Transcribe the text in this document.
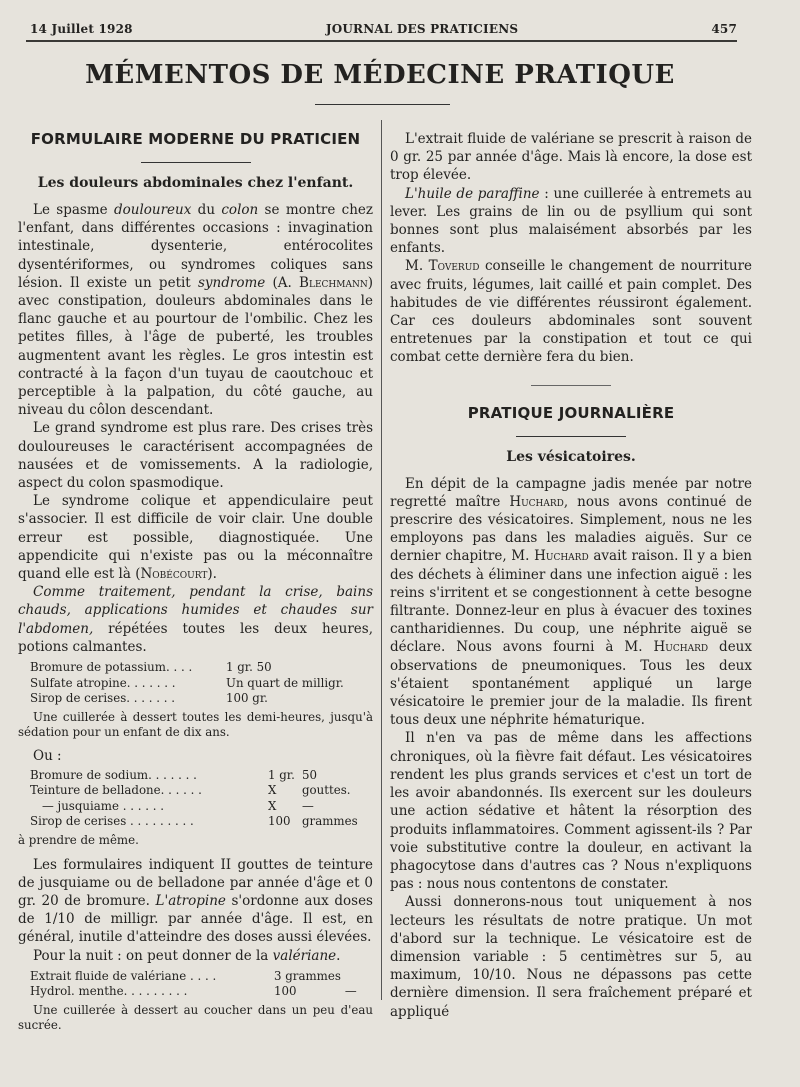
14 Juillet 1928	JOURNAL DES PRATICIENS	457
MÉMENTOS DE MÉDECINE PRATIQUE
FORMULAIRE MODERNE DU PRATICIEN
Les douleurs abdominales chez l'enfant.

Le spasme douloureux du colon se montre chez l'enfant, dans différentes occasions : invagination intestinale, dysenterie, entérocolites dysentériformes, ou syndromes coliques sans lésion. Il existe un petit syndrome (A. Blechmann) avec constipation, douleurs abdominales dans le flanc gauche et au pourtour de l'ombilic. Chez les petites filles, à l'âge de puberté, les troubles augmentent avant les règles. Le gros intestin est contracté à la façon d'un tuyau de caoutchouc et perceptible à la palpation, du côté gauche, au niveau du côlon descendant.

Le grand syndrome est plus rare. Des crises très douloureuses le caractérisent accompagnées de nausées et de vomissements. A la radiologie, aspect du colon spasmodique.

Le syndrome colique et appendiculaire peut s'associer. Il est difficile de voir clair. Une double erreur est possible, diagnostiquée. Une appendicite qui n'existe pas ou la méconnaître quand elle est là (Nobécourt).

Comme traitement, pendant la crise, bains chauds, applications humides et chaudes sur l'abdomen, répétées toutes les deux heures, potions calmantes.

Bromure de potassium. . . .	1 gr. 50
Sulfate atropine. . . . . . .	Un quart de milligr.
Sirop de cerises. . . . . . .	100 gr.

Une cuillerée à dessert toutes les demi-heures, jusqu'à sédation pour un enfant de dix ans.

Ou :

Bromure de sodium. . . . . . .	1 gr.	50
Teinture de belladone. . . . . .	X	gouttes.
— jusquiame . . . . . .	X	—
Sirop de cerises . . . . . . . . .	100	grammes

à prendre de même.

Les formulaires indiquent II gouttes de teinture de jusquiame ou de belladone par année d'âge et 0 gr. 20 de bromure. L'atropine s'ordonne aux doses de 1/10 de milligr. par année d'âge. Il est, en général, inutile d'atteindre des doses aussi élevées.

Pour la nuit : on peut donner de la valériane.

Extrait fluide de valériane . . . .	3 grammes	
Hydrol. menthe. . . . . . . . .	100	—

Une cuillerée à dessert au coucher dans un peu d'eau sucrée.

L'extrait fluide de valériane se prescrit à raison de 0 gr. 25 par année d'âge. Mais là encore, la dose est trop élevée.

L'huile de paraffine : une cuillerée à entremets au lever. Les grains de lin ou de psyllium qui sont bonnes sont plus malaisément absorbés par les enfants.

M. Toverud conseille le changement de nourriture avec fruits, légumes, lait caillé et pain complet. Des habitudes de vie différentes réussiront également. Car ces douleurs abdominales sont souvent entretenues par la constipation et tout ce qui combat cette dernière fera du bien.

PRATIQUE JOURNALIÈRE
Les vésicatoires.

En dépit de la campagne jadis menée par notre regretté maître Huchard, nous avons continué de prescrire des vésicatoires. Simplement, nous ne les employons pas dans les maladies aiguës. Sur ce dernier chapitre, M. Huchard avait raison. Il y a bien des déchets à éliminer dans une infection aiguë : les reins s'irritent et se congestionnent à cette besogne filtrante. Donnez-leur en plus à évacuer des toxines cantharidiennes. Du coup, une néphrite aiguë se déclare. Nous avons fourni à M. Huchard deux observations de pneumoniques. Tous les deux s'étaient spontanément appliqué un large vésicatoire le premier jour de la maladie. Ils firent tous deux une néphrite hématurique.

Il n'en va pas de même dans les affections chroniques, où la fièvre fait défaut. Les vésicatoires rendent les plus grands services et c'est un tort de les avoir abandonnés. Ils exercent sur les douleurs une action sédative et hâtent la résorption des produits inflammatoires. Comment agissent-ils ? Par voie substitutive contre la douleur, en activant la phagocytose dans d'autres cas ? Nous n'expliquons pas : nous nous contentons de constater.

Aussi donnerons-nous tout uniquement à nos lecteurs les résultats de notre pratique. Un mot d'abord sur la technique. Le vésicatoire est de dimension variable : 5 centimètres sur 5, au maximum, 10/10. Nous ne dépassons pas cette dernière dimension. Il sera fraîchement préparé et appliqué
